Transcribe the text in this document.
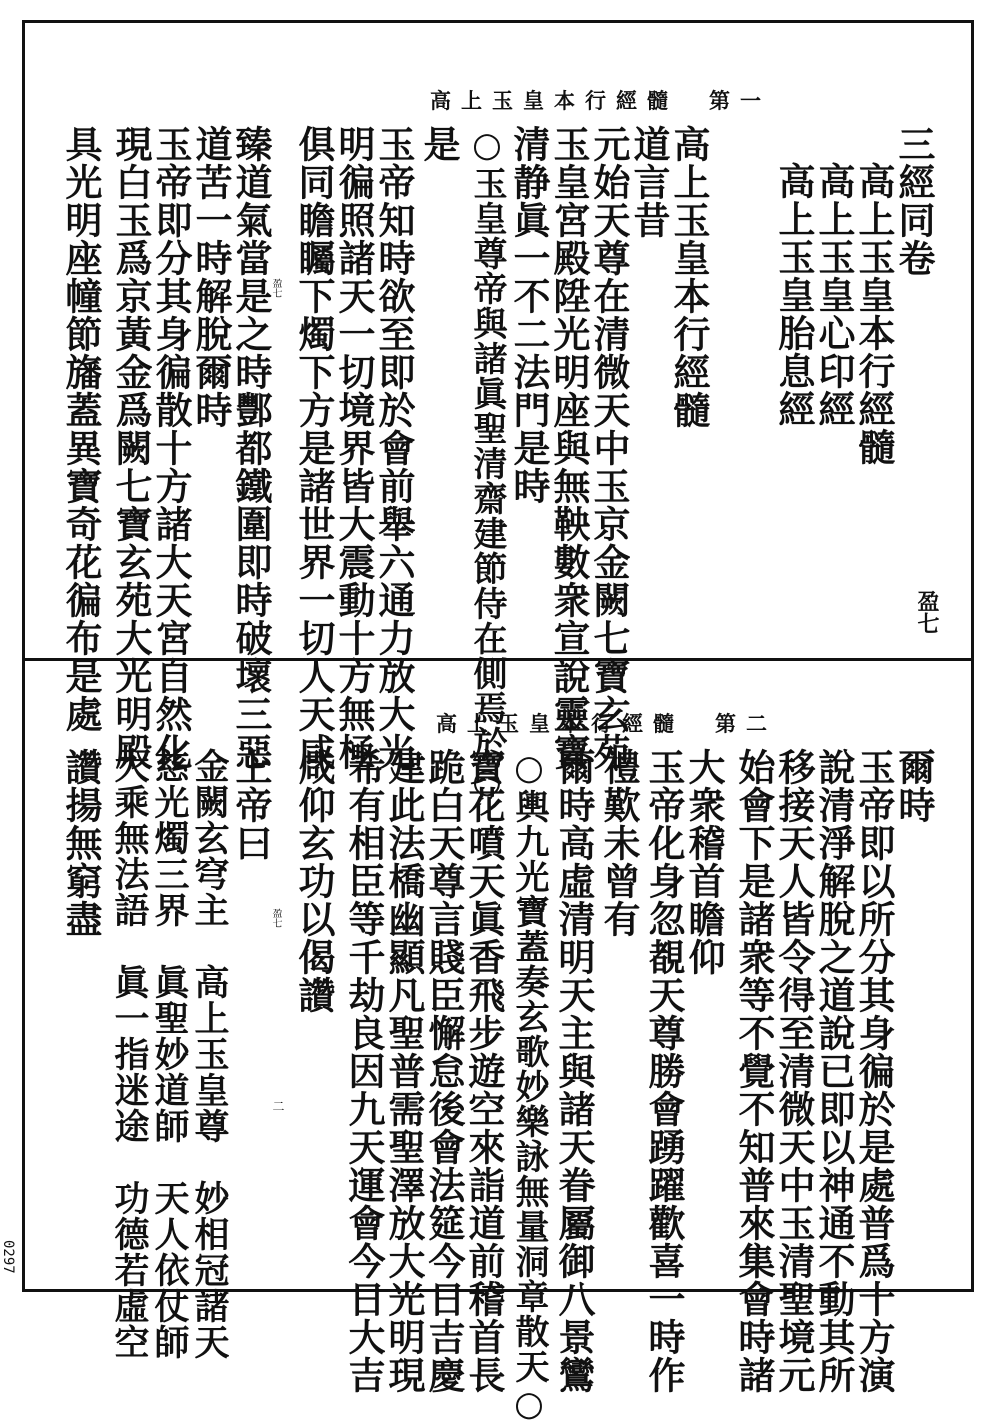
高上玉皇本行經髓　第一
盈七
盈七
三經同卷
高上玉皇本行經髓
高上玉皇心印經
高上玉皇胎息經
高上玉皇本行經髓
道言昔
元始天尊在清微天中玉京金闕七寶玄苑
玉皇宮殿陞光明座與無鞅數衆宣說靈寶
清静眞一不二法門是時
○玉皇尊帝與諸眞聖清齋建節侍在側焉於○
是
玉帝知時欲至即於會前舉六通力放大光
明徧照諸天一切境界皆大震動十方無極
俱同瞻矚下燭下方是諸世界一切人天咸
臻道氣當是之時酆都鐵圍即時破壞三惡
道苦一時解脫爾時
玉帝即分其身徧散十方諸大天宮自然化
現白玉爲京黃金爲闕七寶玄苑大光明殿
具光明座幢節旛蓋異寶奇花徧布是處	高上玉皇本行經髓　第二
盈七
二
爾時
玉帝即以所分其身徧於是處普爲十方演
說清淨解脫之道說已即以神通不動其所
移接天人皆令得至清微天中玉清聖境元
始會下是諸衆等不覺不知普來集會時諸
大衆稽首瞻仰
玉帝化身忽覩天尊勝會踴躍歡喜一時作
禮歎未曾有
爾時高虛清明天主與諸天眷屬御八景鸞
○輿九光寶蓋奏玄歌妙樂詠無量洞章散天○
寶花噴天眞香飛步遊空來詣道前稽首長
跪白天尊言賤臣懈怠後會法筵今日吉慶
建此法橋幽顯凡聖普需聖澤放大光明現
希有相臣等千劫良因九天運會今日大吉
咸仰玄功以偈讚
上帝曰
金闕玄穹主　高上玉皇尊　妙相冠諸天
慈光燭三界　眞聖妙道師　天人依仗師
大乘無法語　眞一指迷途　功德若虛空
讚揚無窮盡
0297
